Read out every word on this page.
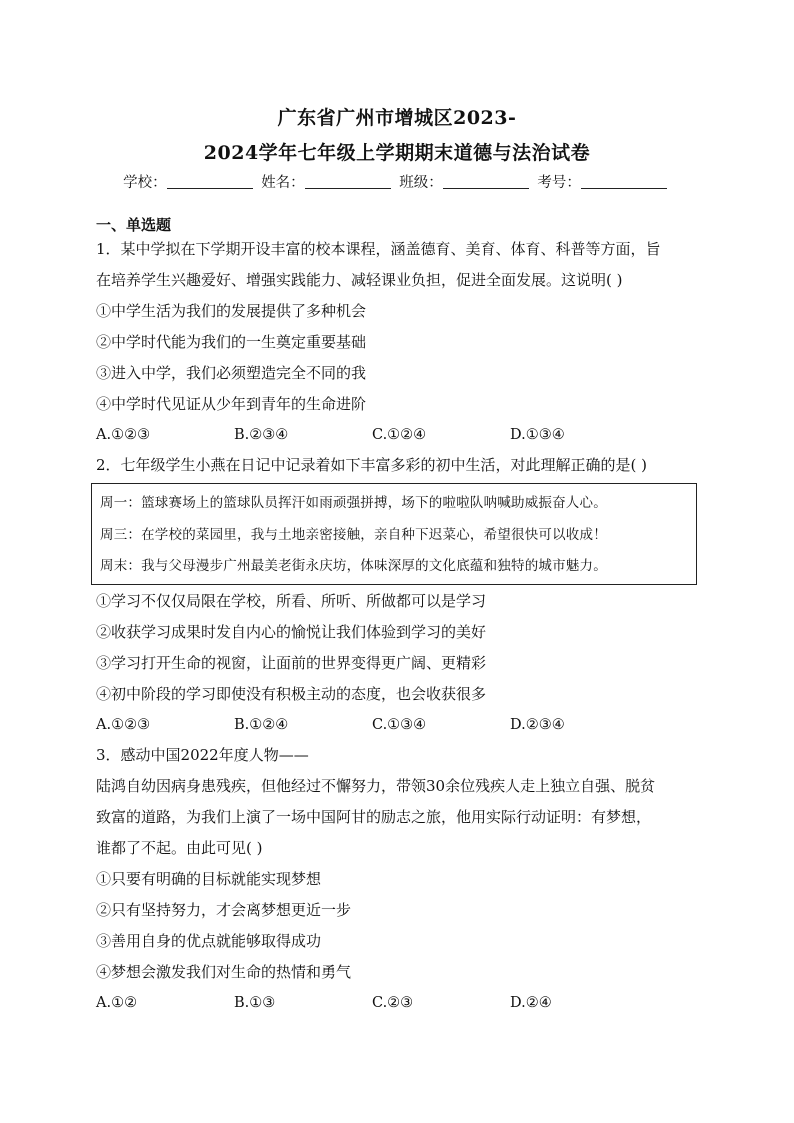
广东省广州市增城区2023-
2024学年七年级上学期期末道德与法治试卷
学校：	姓名：	班级：	考号：
一、单选题
1．某中学拟在下学期开设丰富的校本课程，涵盖德育、美育、体育、科普等方面，旨
在培养学生兴趣爱好、增强实践能力、减轻课业负担，促进全面发展。这说明( )
①中学生活为我们的发展提供了多种机会
②中学时代能为我们的一生奠定重要基础
③进入中学，我们必须塑造完全不同的我
④中学时代见证从少年到青年的生命进阶
A.①②③	B.②③④	C.①②④	D.①③④
2．七年级学生小燕在日记中记录着如下丰富多彩的初中生活，对此理解正确的是( )
周一：篮球赛场上的篮球队员挥汗如雨顽强拼搏，场下的啦啦队呐喊助威振奋人心。
周三：在学校的菜园里，我与土地亲密接触，亲自种下迟菜心，希望很快可以收成！
周末：我与父母漫步广州最美老街永庆坊，体味深厚的文化底蕴和独特的城市魅力。
①学习不仅仅局限在学校，所看、所听、所做都可以是学习
②收获学习成果时发自内心的愉悦让我们体验到学习的美好
③学习打开生命的视窗，让面前的世界变得更广阔、更精彩
④初中阶段的学习即使没有积极主动的态度，也会收获很多
A.①②③	B.①②④	C.①③④	D.②③④
3．感动中国2022年度人物——
陆鸿自幼因病身患残疾，但他经过不懈努力，带领30余位残疾人走上独立自强、脱贫
致富的道路，为我们上演了一场中国阿甘的励志之旅，他用实际行动证明：有梦想，
谁都了不起。由此可见( )
①只要有明确的目标就能实现梦想
②只有坚持努力，才会离梦想更近一步
③善用自身的优点就能够取得成功
④梦想会激发我们对生命的热情和勇气
A.①②	B.①③	C.②③	D.②④
